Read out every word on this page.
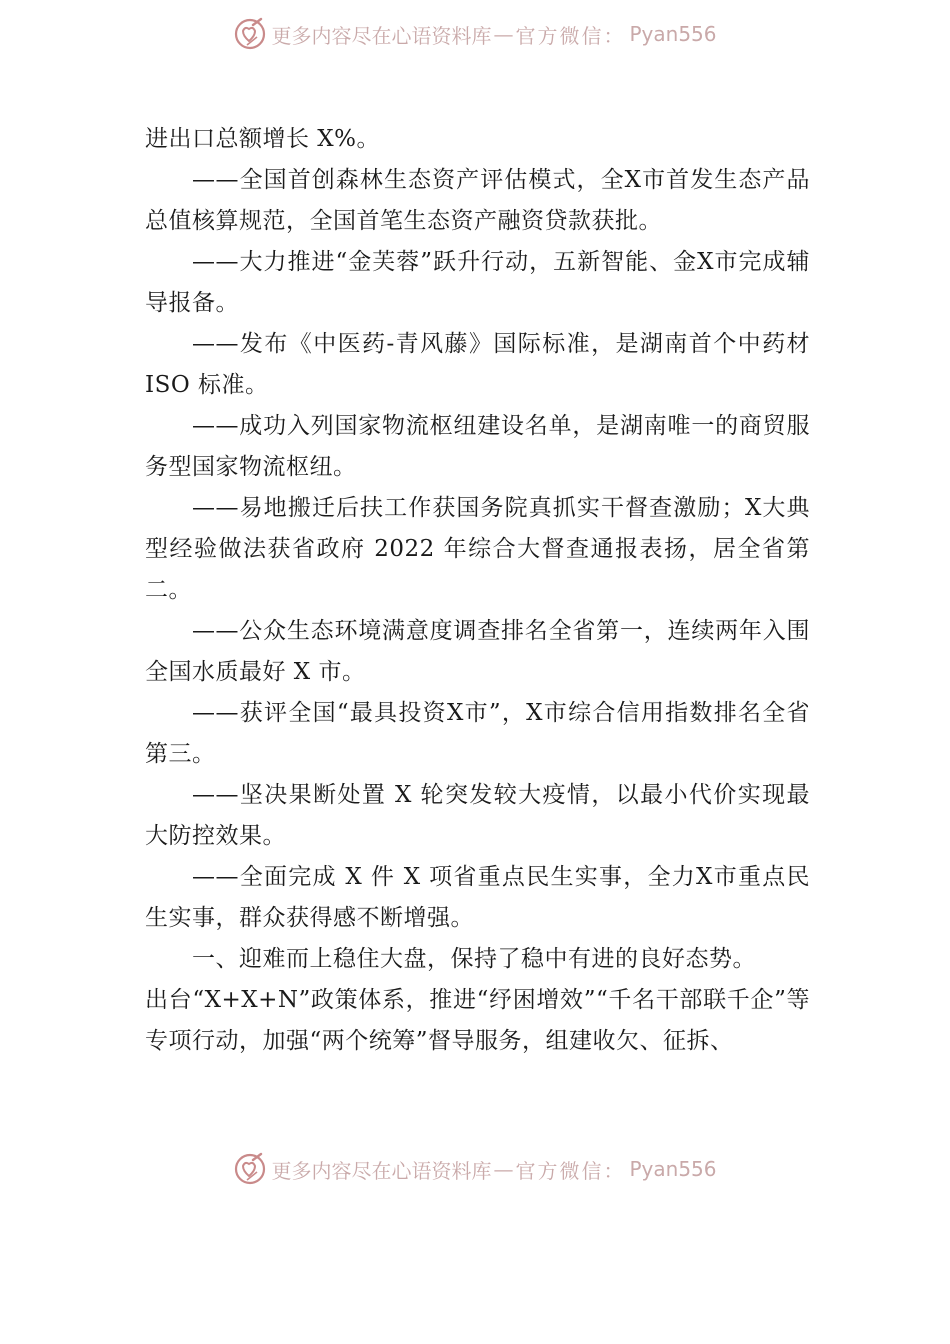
更多内容尽在心语资料库 — 官方微信： Pyan556

进出口总额增长 X%。

——全国首创森林生态资产评估模式，全X市首发生态产品总值核算规范，全国首笔生态资产融资贷款获批。

——大力推进“金芙蓉”跃升行动，五新智能、金X市完成辅导报备。

——发布《中医药-青风藤》国际标准，是湖南首个中药材 ISO 标准。

——成功入列国家物流枢纽建设名单，是湖南唯一的商贸服务型国家物流枢纽。

——易地搬迁后扶工作获国务院真抓实干督查激励；X大典型经验做法获省政府 2022 年综合大督查通报表扬，居全省第二。

——公众生态环境满意度调查排名全省第一，连续两年入围全国水质最好 X 市。

——获评全国“最具投资X市”，X市综合信用指数排名全省第三。

——坚决果断处置 X 轮突发较大疫情，以最小代价实现最大防控效果。

——全面完成 X 件 X 项省重点民生实事，全力X市重点民生实事，群众获得感不断增强。

一、迎难而上稳住大盘，保持了稳中有进的良好态势。

出台“X+X+N”政策体系，推进“纾困增效”“千名干部联千企”等专项行动，加强“两个统筹”督导服务，组建收欠、征拆、

更多内容尽在心语资料库 — 官方微信： Pyan556
